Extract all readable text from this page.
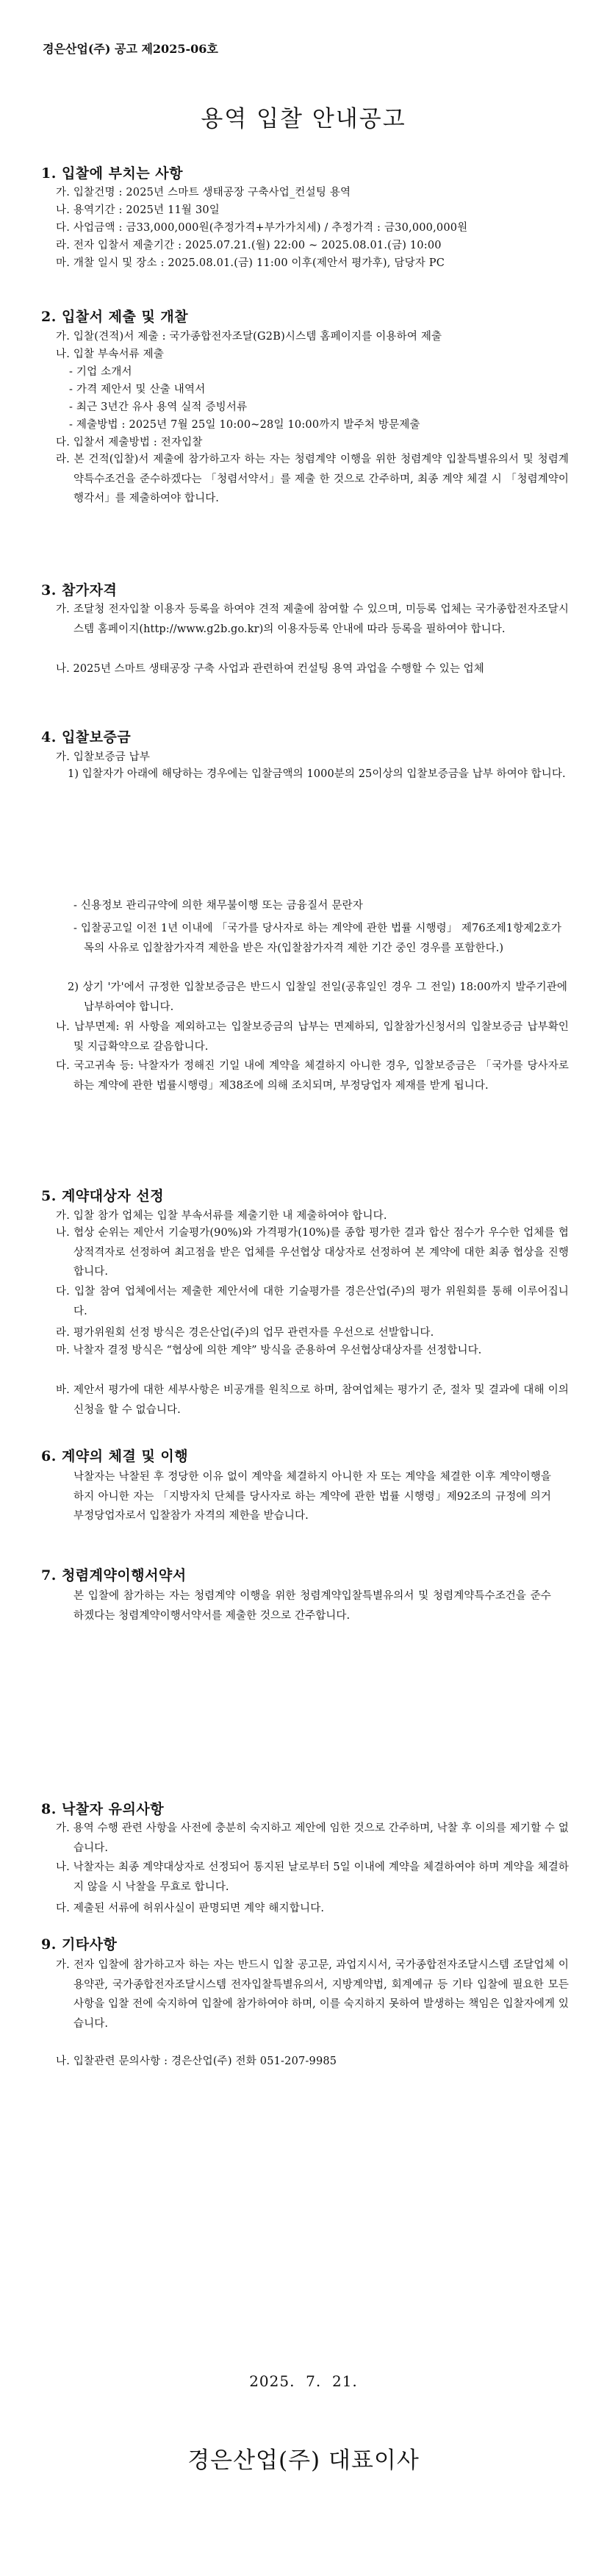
경은산업(주) 공고 제2025-06호
용역 입찰 안내공고
1. 입찰에 부치는 사항
가. 입찰건명 : 2025년 스마트 생태공장 구축사업_컨설팅 용역
나. 용역기간 : 2025년 11월 30일
다. 사업금액 : 금33,000,000원(추정가격+부가가치세) / 추정가격 : 금30,000,000원
라. 전자 입찰서 제출기간 : 2025.07.21.(월) 22:00 ~ 2025.08.01.(금) 10:00
마. 개찰 일시 및 장소 : 2025.08.01.(금) 11:00 이후(제안서 평가후), 담당자 PC
2. 입찰서 제출 및 개찰
가. 입찰(견적)서 제출 : 국가종합전자조달(G2B)시스템 홈페이지를 이용하여 제출
나. 입찰 부속서류 제출
- 기업 소개서
- 가격 제안서 및 산출 내역서
- 최근 3년간 유사 용역 실적 증빙서류
- 제출방법 : 2025년 7월 25일 10:00~28일 10:00까지 발주처 방문제출
다. 입찰서 제출방법 : 전자입찰
라. 본 건적(입찰)서 제출에 참가하고자 하는 자는 청렴계약 이행을 위한 청렴계약 입찰특별유의서 및 청렴계약특수조건을 준수하겠다는 「청렴서약서」를 제출 한 것으로 간주하며, 최종 계약 체결 시 「청렴계약이행각서」를 제출하여야 합니다.
3. 참가자격
가. 조달청 전자입찰 이용자 등록을 하여야 견적 제출에 참여할 수 있으며, 미등록 업체는 국가종합전자조달시스템 홈페이지(http://www.g2b.go.kr)의 이용자등록 안내에 따라 등록을 필하여야 합니다.
나. 2025년 스마트 생태공장 구축 사업과 관련하여 컨설팅 용역 과업을 수행할 수 있는 업체
4. 입찰보증금
가. 입찰보증금 납부
1) 입찰자가 아래에 해당하는 경우에는 입찰금액의 1000분의 25이상의 입찰보증금을 납부 하여야 합니다.
- 신용정보 관리규약에 의한 채무불이행 또는 금융질서 문란자
- 입찰공고일 이전 1년 이내에 「국가를 당사자로 하는 계약에 관한 법률 시행령」 제76조제1항제2호가목의 사유로 입찰참가자격 제한을 받은 자(입찰참가자격 제한 기간 중인 경우를 포함한다.)
2) 상기 '가'에서 규정한 입찰보증금은 반드시 입찰일 전일(공휴일인 경우 그 전일) 18:00까지 발주기관에 납부하여야 합니다.
나. 납부면제: 위 사항을 제외하고는 입찰보증금의 납부는 면제하되, 입찰참가신청서의 입찰보증금 납부확인 및 지급확약으로 갈음합니다.
다. 국고귀속 등: 낙찰자가 정해진 기일 내에 계약을 체결하지 아니한 경우, 입찰보증금은 「국가를 당사자로 하는 계약에 관한 법률시행령」제38조에 의해 조치되며, 부정당업자 제재를 받게 됩니다.
5. 계약대상자 선정
가. 입찰 참가 업체는 입찰 부속서류를 제출기한 내 제출하여야 합니다.
나. 협상 순위는 제안서 기술평가(90%)와 가격평가(10%)를 종합 평가한 결과 합산 점수가 우수한 업체를 협상적격자로 선정하여 최고점을 받은 업체를 우선협상 대상자로 선정하여 본 계약에 대한 최종 협상을 진행합니다.
다. 입찰 참여 업체에서는 제출한 제안서에 대한 기술평가를 경은산업(주)의 평가 위원회를 통해 이루어집니다.
라. 평가위원회 선정 방식은 경은산업(주)의 업무 관련자를 우선으로 선발합니다.
마. 낙찰자 결정 방식은 “협상에 의한 계약” 방식을 준용하여 우선협상대상자를 선정합니다.
바. 제안서 평가에 대한 세부사항은 비공개를 원칙으로 하며, 참여업체는 평가기 준, 절차 및 결과에 대해 이의 신청을 할 수 없습니다.
6. 계약의 체결 및 이행
낙찰자는 낙찰된 후 정당한 이유 없이 계약을 체결하지 아니한 자 또는 계약을 체결한 이후 계약이행을 하지 아니한 자는 「지방자치 단체를 당사자로 하는 계약에 관한 법률 시행령」제92조의 규정에 의거 부정당업자로서 입찰참가 자격의 제한을 받습니다.
7. 청렴계약이행서약서
본 입찰에 참가하는 자는 청렴계약 이행을 위한 청렴계약입찰특별유의서 및 청렴계약특수조건을 준수하겠다는 청렴계약이행서약서를 제출한 것으로 간주합니다.
8. 낙찰자 유의사항
가. 용역 수행 관련 사항을 사전에 충분히 숙지하고 제안에 임한 것으로 간주하며, 낙찰 후 이의를 제기할 수 없습니다.
나. 낙찰자는 최종 계약대상자로 선정되어 통지된 날로부터 5일 이내에 계약을 체결하여야 하며 계약을 체결하지 않을 시 낙찰을 무효로 합니다.
다. 제출된 서류에 허위사실이 판명되면 계약 해지합니다.
9. 기타사항
가. 전자 입찰에 참가하고자 하는 자는 반드시 입찰 공고문, 과업지시서, 국가종합전자조달시스템 조달업체 이용약관, 국가종합전자조달시스템 전자입찰특별유의서, 지방계약법, 회계예규 등 기타 입찰에 필요한 모든 사항을 입찰 전에 숙지하여 입찰에 참가하여야 하며, 이를 숙지하지 못하여 발생하는 책임은 입찰자에게 있습니다.
나. 입찰관련 문의사항 : 경은산업(주) 전화 051-207-9985
2025.  7.  21.
경은산업(주) 대표이사
